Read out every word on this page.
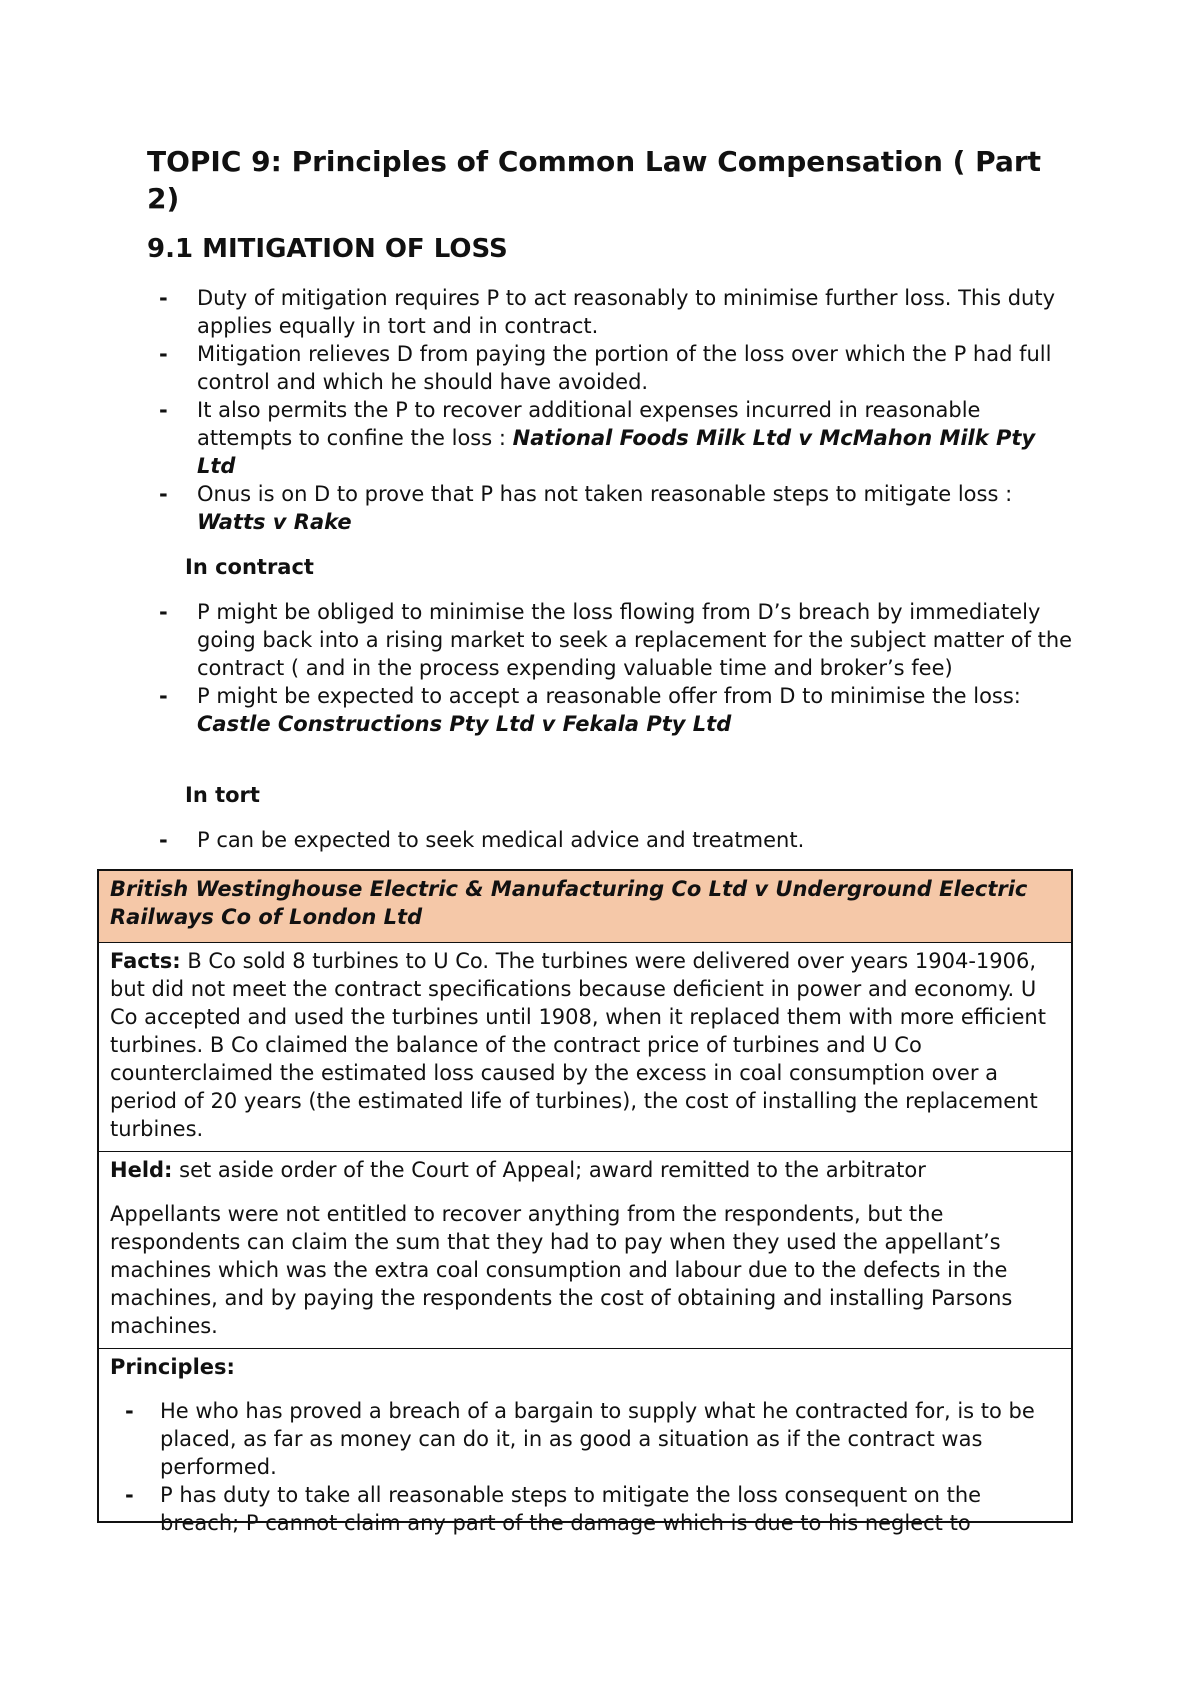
TOPIC 9: Principles of Common Law Compensation ( Part 2)
9.1 MITIGATION OF LOSS
- Duty of mitigation requires P to act reasonably to minimise further loss. This duty applies equally in tort and in contract.
- Mitigation relieves D from paying the portion of the loss over which the P had full control and which he should have avoided.
- It also permits the P to recover additional expenses incurred in reasonable attempts to confine the loss : National Foods Milk Ltd v McMahon Milk Pty Ltd
- Onus is on D to prove that P has not taken reasonable steps to mitigate loss : Watts v Rake

In contract

- P might be obliged to minimise the loss flowing from D’s breach by immediately going back into a rising market to seek a replacement for the subject matter of the contract ( and in the process expending valuable time and broker’s fee)
- P might be expected to accept a reasonable offer from D to minimise the loss: Castle Constructions Pty Ltd v Fekala Pty Ltd

In tort

- P can be expected to seek medical advice and treatment.
British Westinghouse Electric & Manufacturing Co Ltd v Underground Electric Railways Co of London Ltd

Facts: B Co sold 8 turbines to U Co. The turbines were delivered over years 1904-1906, but did not meet the contract specifications because deficient in power and economy. U Co accepted and used the turbines until 1908, when it replaced them with more efficient turbines. B Co claimed the balance of the contract price of turbines and U Co counterclaimed the estimated loss caused by the excess in coal consumption over a period of 20 years (the estimated life of turbines), the cost of installing the replacement turbines.

Held: set aside order of the Court of Appeal; award remitted to the arbitrator

Appellants were not entitled to recover anything from the respondents, but the respondents can claim the sum that they had to pay when they used the appellant’s machines which was the extra coal consumption and labour due to the defects in the machines, and by paying the respondents the cost of obtaining and installing Parsons machines.

Principles:

- He who has proved a breach of a bargain to supply what he contracted for, is to be placed, as far as money can do it, in as good a situation as if the contract was performed.
- P has duty to take all reasonable steps to mitigate the loss consequent on the breach; P cannot claim any part of the damage which is due to his neglect to
